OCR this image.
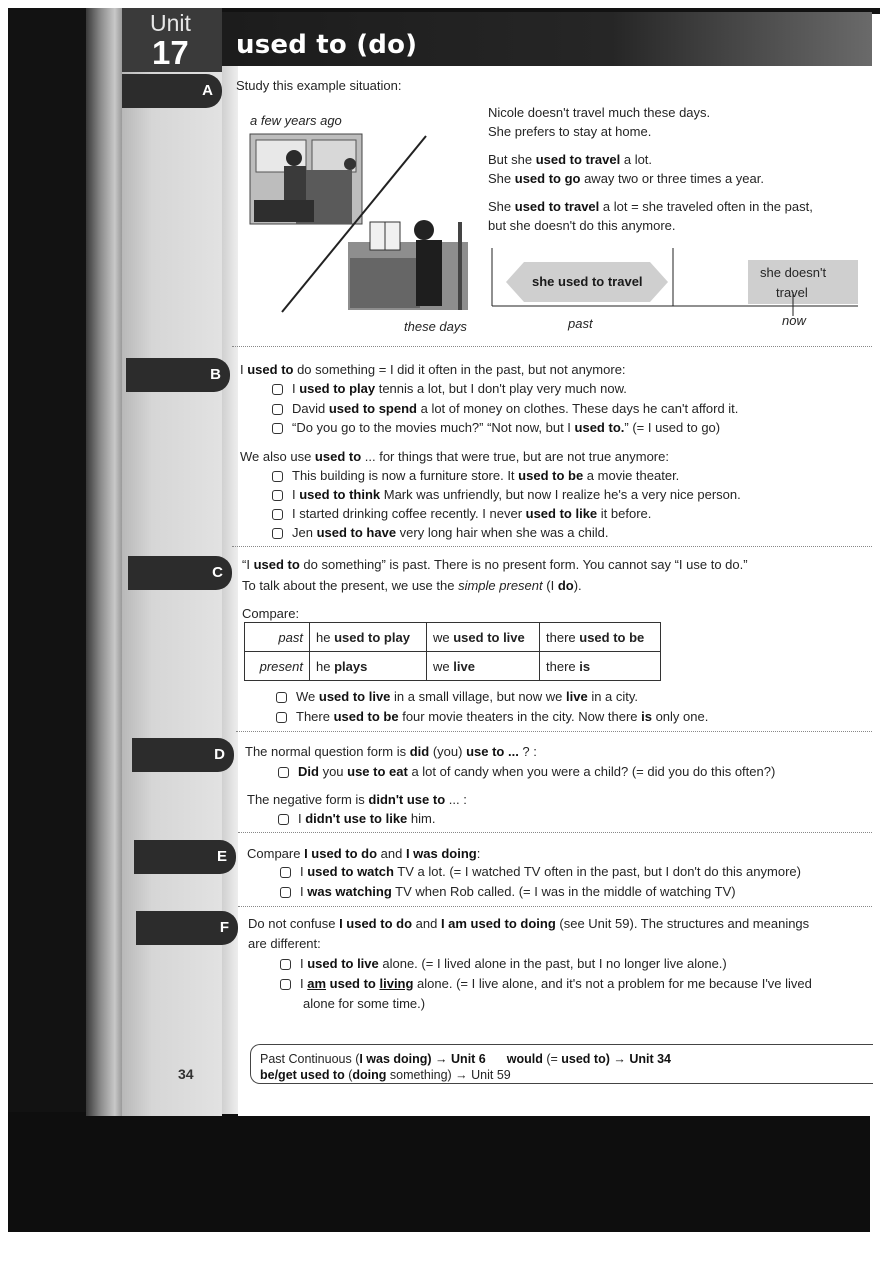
Unit
17 used to (do)
A
B
C
D
E
F
34
Study this example situation:
a few years ago
these days
Nicole doesn't travel much these days.
She prefers to stay at home.
But she used to travel a lot.
She used to go away two or three times a year.
She used to travel a lot = she traveled often in the past,
but she doesn't do this anymore.
she used to travel
she doesn't
travel
past	now
I used to do something = I did it often in the past, but not anymore:
I used to play tennis a lot, but I don't play very much now.
David used to spend a lot of money on clothes. These days he can't afford it.
“Do you go to the movies much?” “Not now, but I used to.” (= I used to go)
We also use used to ... for things that were true, but are not true anymore:
This building is now a furniture store. It used to be a movie theater.
I used to think Mark was unfriendly, but now I realize he's a very nice person.
I started drinking coffee recently. I never used to like it before.
Jen used to have very long hair when she was a child.
“I used to do something” is past. There is no present form. You cannot say “I use to do.”
To talk about the present, we use the simple present (I do).
Compare:
past	he used to play	we used to live	there used to be
present	he plays	we live	there is
We used to live in a small village, but now we live in a city.
There used to be four movie theaters in the city. Now there is only one.
The normal question form is did (you) use to ... ? :
Did you use to eat a lot of candy when you were a child? (= did you do this often?)
The negative form is didn't use to ... :
I didn't use to like him.
Compare I used to do and I was doing:
I used to watch TV a lot. (= I watched TV often in the past, but I don't do this anymore)
I was watching TV when Rob called. (= I was in the middle of watching TV)
Do not confuse I used to do and I am used to doing (see Unit 59). The structures and meanings
are different:
I used to live alone. (= I lived alone in the past, but I no longer live alone.)
I am used to living alone. (= I live alone, and it's not a problem for me because I've lived
alone for some time.)
Past Continuous (I was doing) → Unit 6 would (= used to) → Unit 34
be/get used to (doing something) → Unit 59
